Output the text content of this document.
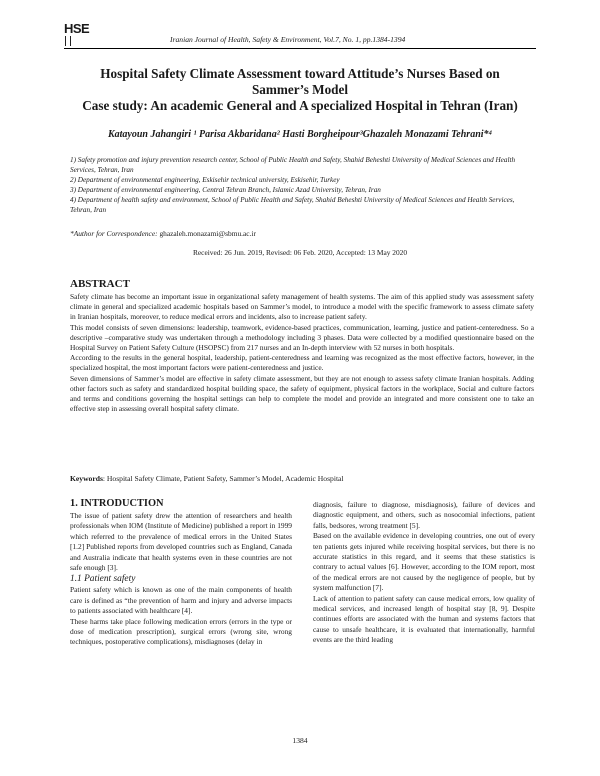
HSE
Iranian Journal of Health, Safety & Environment, Vol.7, No. 1, pp.1384-1394
Hospital Safety Climate Assessment toward Attitude’s Nurses Based on
Sammer’s Model
Case study: An academic General and A specialized Hospital in Tehran (Iran)
Katayoun Jahangiri ¹ Parisa Akbaridana² Hasti Borgheipour³Ghazaleh Monazami Tehrani*⁴
1) Safety promotion and injury prevention research center, School of Public Health and Safety, Shahid Beheshti University of Medical Sciences and Health Services, Tehran, Iran
2) Department of environmental engineering, Eskisehir technical university, Eskisehir, Turkey
3) Department of environmental engineering, Central Tehran Branch, Islamic Azad University, Tehran, Iran
4) Department of health safety and environment, School of Public Health and Safety, Shahid Beheshti University of Medical Sciences and Health Services, Tehran, Iran
*Author for Correspondence: ghazaleh.monazami@sbmu.ac.ir
Received: 26 Jun. 2019, Revised: 06 Feb. 2020, Accepted: 13 May 2020
ABSTRACT

Safety climate has become an important issue in organizational safety management of health systems. The aim of this applied study was assessment safety climate in general and specialized academic hospitals based on Sammer’s model, to introduce a model with the specific framework to assess climate safety in Iranian hospitals, moreover, to reduce medical errors and incidents, also to increase patient safety.

This model consists of seven dimensions: leadership, teamwork, evidence-based practices, communication, learning, justice and patient-centeredness. So a descriptive –comparative study was undertaken through a methodology including 3 phases. Data were collected by a modified questionnaire based on the Hospital Survey on Patient Safety Culture (HSOPSC) from 217 nurses and an In-depth interview with 52 nurses in both hospitals.

According to the results in the general hospital, leadership, patient-centeredness and learning was recognized as the most effective factors, however, in the specialized hospital, the most important factors were patient-centeredness and justice.

Seven dimensions of Sammer’s model are effective in safety climate assessment, but they are not enough to assess safety climate Iranian hospitals. Adding other factors such as safety and standardized hospital building space, the safety of equipment, physical factors in the workplace, Social and culture factors and terms and conditions governing the hospital settings can help to complete the model and provide an integrated and more consistent one to take an effective step in assessing overall hospital safety climate.

Keywords: Hospital Safety Climate, Patient Safety, Sammer’s Model, Academic Hospital
1. INTRODUCTION

The issue of patient safety drew the attention of researchers and health professionals when IOM (Institute of Medicine) published a report in 1999 which referred to the prevalence of medical errors in the United States [1.2] Published reports from developed countries such as England, Canada and Australia indicate that health systems even in these countries are not safe enough [3].

1.1 Patient safety

Patient safety which is known as one of the main components of health care is defined as “the prevention of harm and injury and adverse impacts to patients associated with healthcare [4].

These harms take place following medication errors (errors in the type or dose of medication prescription), surgical errors (wrong site, wrong techniques, postoperative complications), misdiagnoses (delay in

diagnosis, failure to diagnose, misdiagnosis), failure of devices and diagnostic equipment, and others, such as nosocomial infections, patient falls, bedsores, wrong treatment [5].

Based on the available evidence in developing countries, one out of every ten patients gets injured while receiving hospital services, but there is no accurate statistics in this regard, and it seems that these statistics is contrary to actual values [6]. However, according to the IOM report, most of the medical errors are not caused by the negligence of people, but by system malfunction [7].

Lack of attention to patient safety can cause medical errors, low quality of medical services, and increased length of hospital stay [8, 9]. Despite continues efforts are associated with the human and systems factors that cause to unsafe healthcare, it is evaluated that internationally, harmful events are the third leading

1384
